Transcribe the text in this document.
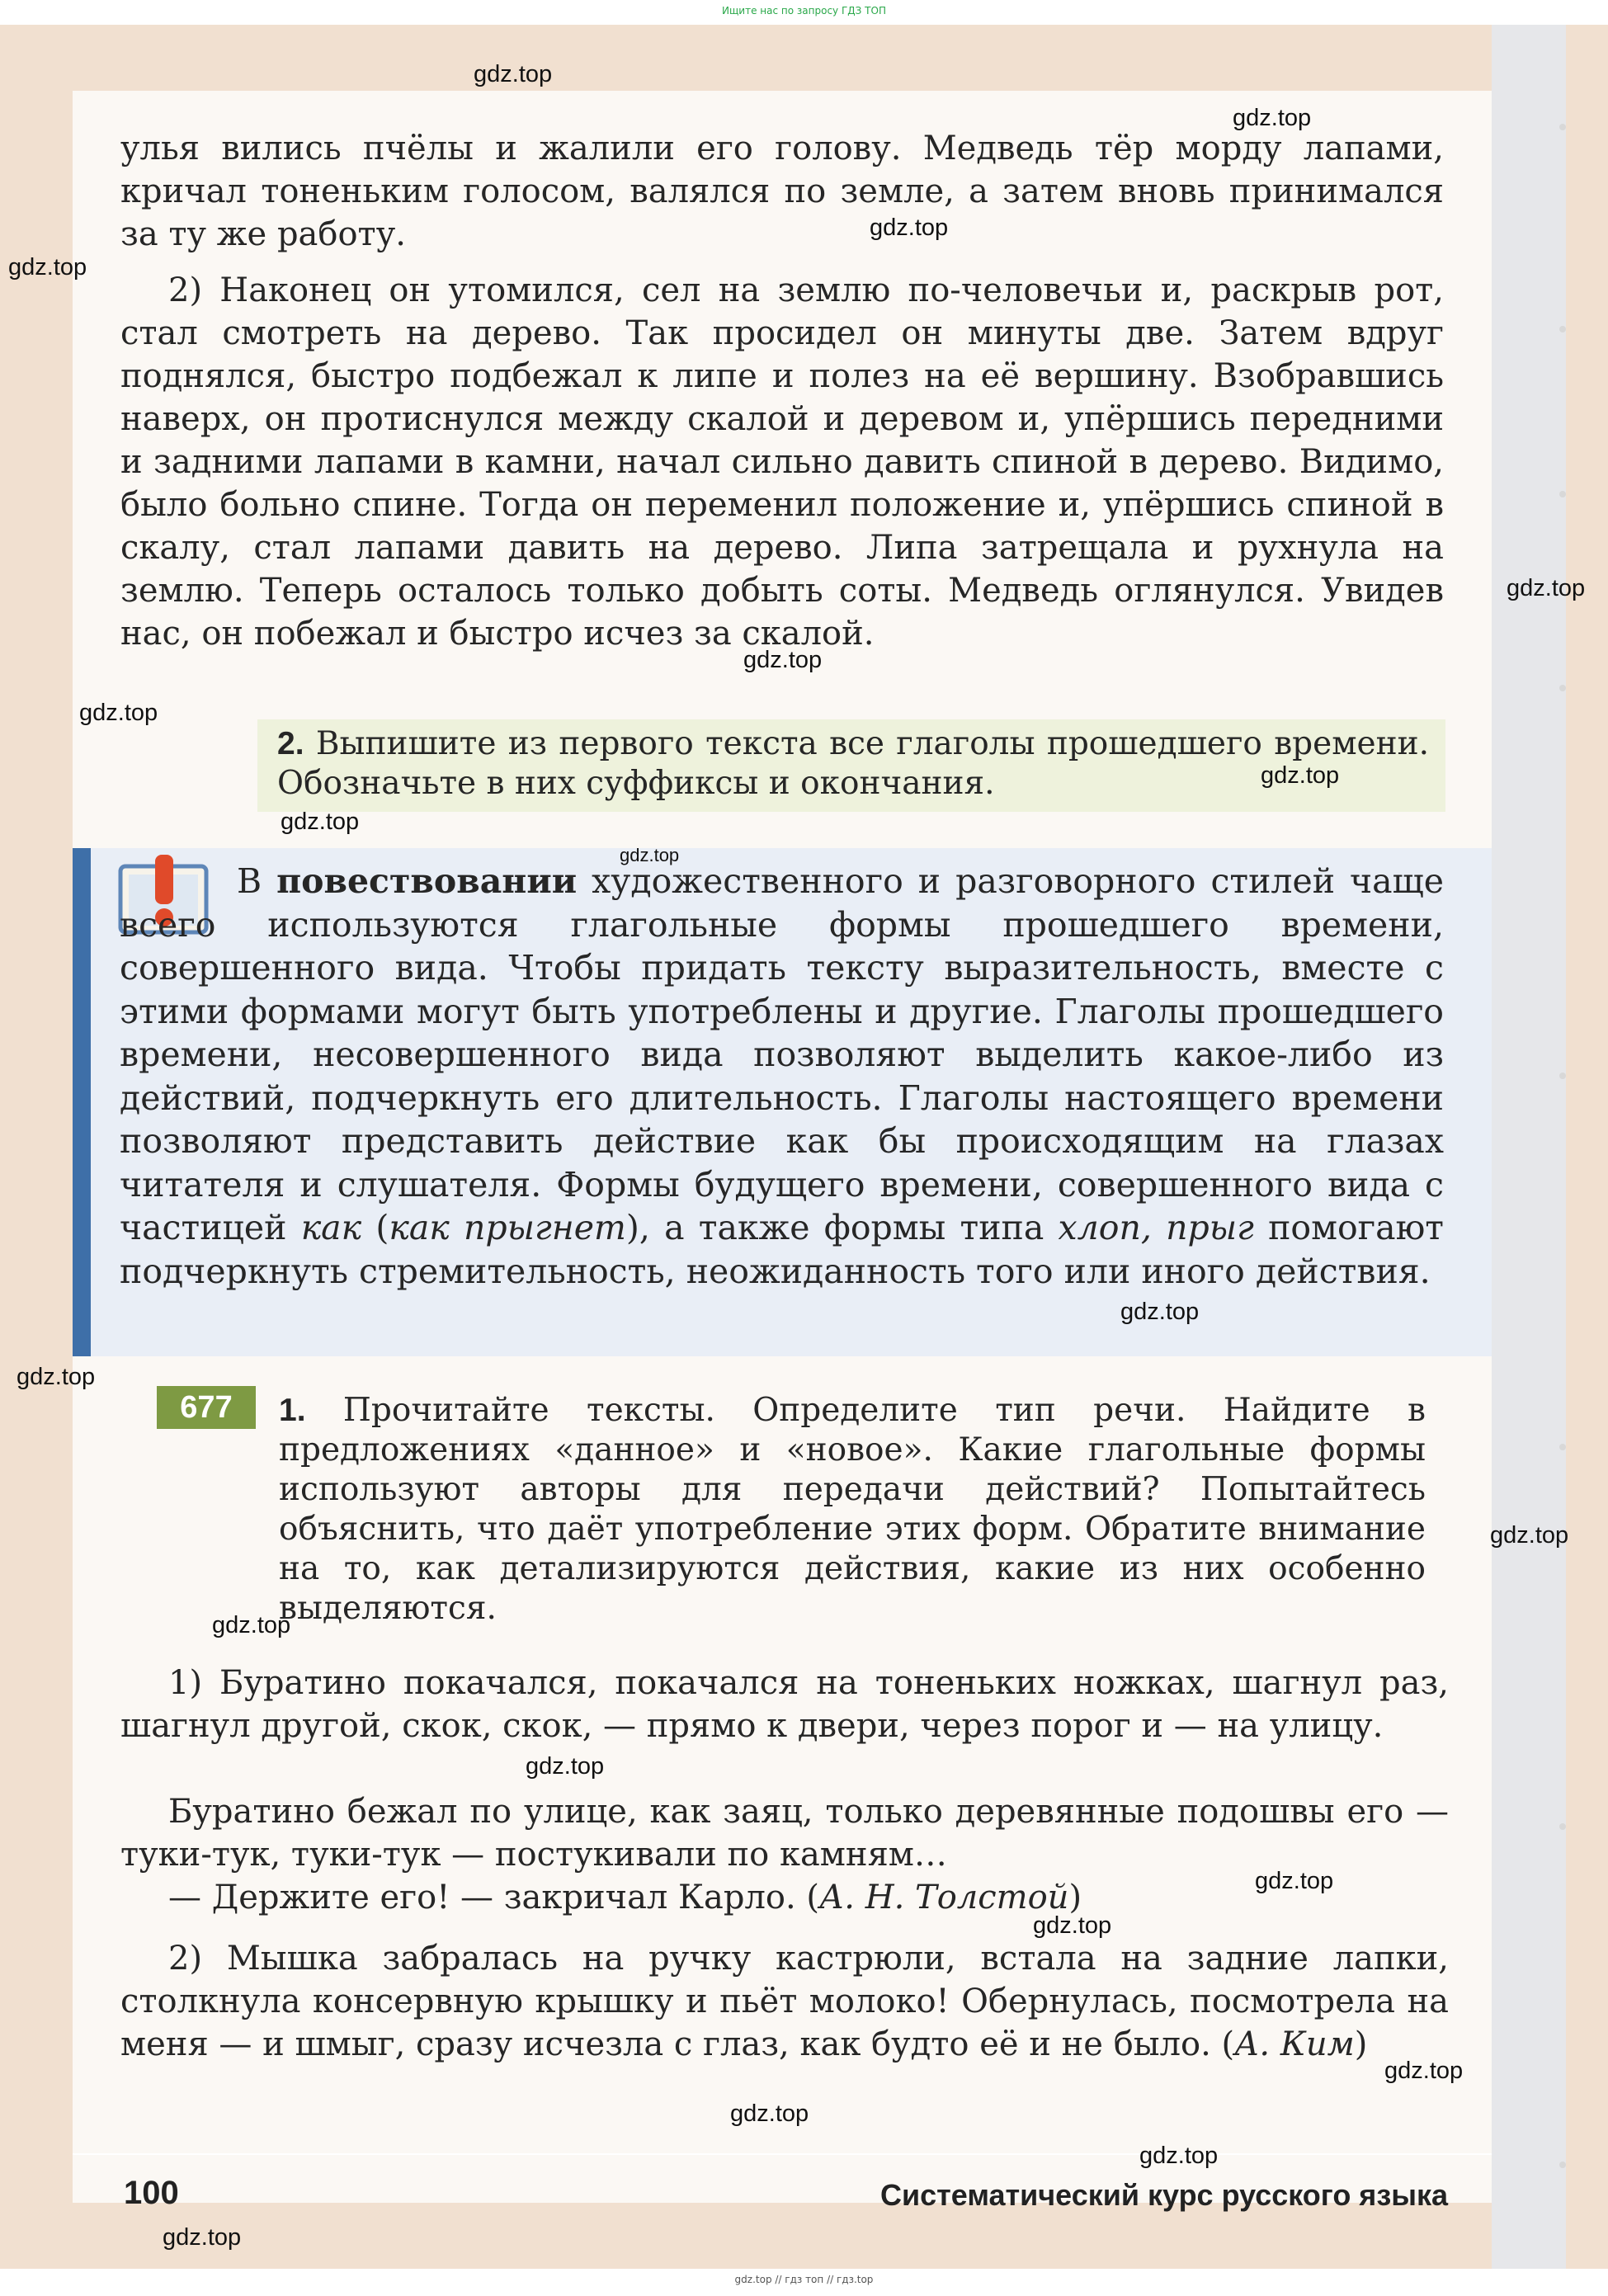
Ищите нас по запросу ГДЗ ТОП

улья вились пчёлы и жалили его голову. Медведь тёр морду лапами, кричал тоненьким голосом, валялся по земле, а затем вновь принимался за ту же работу.

2) Наконец он утомился, сел на землю по-человечьи и, раскрыв рот, стал смотреть на дерево. Так просидел он минуты две. Затем вдруг поднялся, быстро подбежал к липе и полез на её вершину. Взобравшись наверх, он протиснулся между скалой и деревом и, упёршись передними и задними лапами в камни, начал сильно давить спиной в дерево. Видимо, было больно спине. Тогда он переменил положение и, упёршись спиной в скалу, стал лапами давить на дерево. Липа затрещала и рухнула на землю. Теперь осталось только добыть соты. Медведь оглянулся. Увидев нас, он побежал и быстро исчез за скалой.

2. Выпишите из первого текста все глаголы прошедшего времени. Обозначьте в них суффиксы и окончания.
В повествовании художественного и разговорного стилей чаще всего используются глагольные формы прошедшего времени, совершенного вида. Чтобы придать тексту выразительность, вместе с этими формами могут быть употреблены и другие. Глаголы прошедшего времени, несовершенного вида позволяют выделить какое-либо из действий, подчеркнуть его длительность. Глаголы настоящего времени позволяют представить действие как бы происходящим на глазах читателя и слушателя. Формы будущего времени, совершенного вида с частицей как (как прыгнет), а также формы типа хлоп, прыг помогают подчеркнуть стремительность, неожиданность того или иного действия.
677	1. Прочитайте тексты. Определите тип речи. Найдите в предложениях «данное» и «новое». Какие глагольные формы используют авторы для передачи действий? Попытайтесь объяснить, что даёт употребление этих форм. Обратите внимание на то, как детализируются действия, какие из них особенно выделяются.

1) Буратино покачался, покачался на тоненьких ножках, шагнул раз, шагнул другой, скок, скок, — прямо к двери, через порог и — на улицу.

Буратино бежал по улице, как заяц, только деревянные подошвы его — туки-тук, туки-тук — постукивали по камням…

— Держите его! — закричал Карло. (А. Н. Толстой)

2) Мышка забралась на ручку кастрюли, встала на задние лапки, столкнула консервную крышку и пьёт молоко! Обернулась, посмотрела на меня — и шмыг, сразу исчезла с глаз, как будто её и не было. (А. Ким)

100	Систематический курс русского языка
gdz.top
gdz.top
gdz.top
gdz.top
gdz.top
gdz.top
gdz.top
gdz.top
gdz.top
gdz.top
gdz.top
gdz.top
gdz.top
gdz.top
gdz.top
gdz.top
gdz.top
gdz.top
gdz.top
gdz.top
gdz.top
gdz.top // гдз топ // гдз.top
